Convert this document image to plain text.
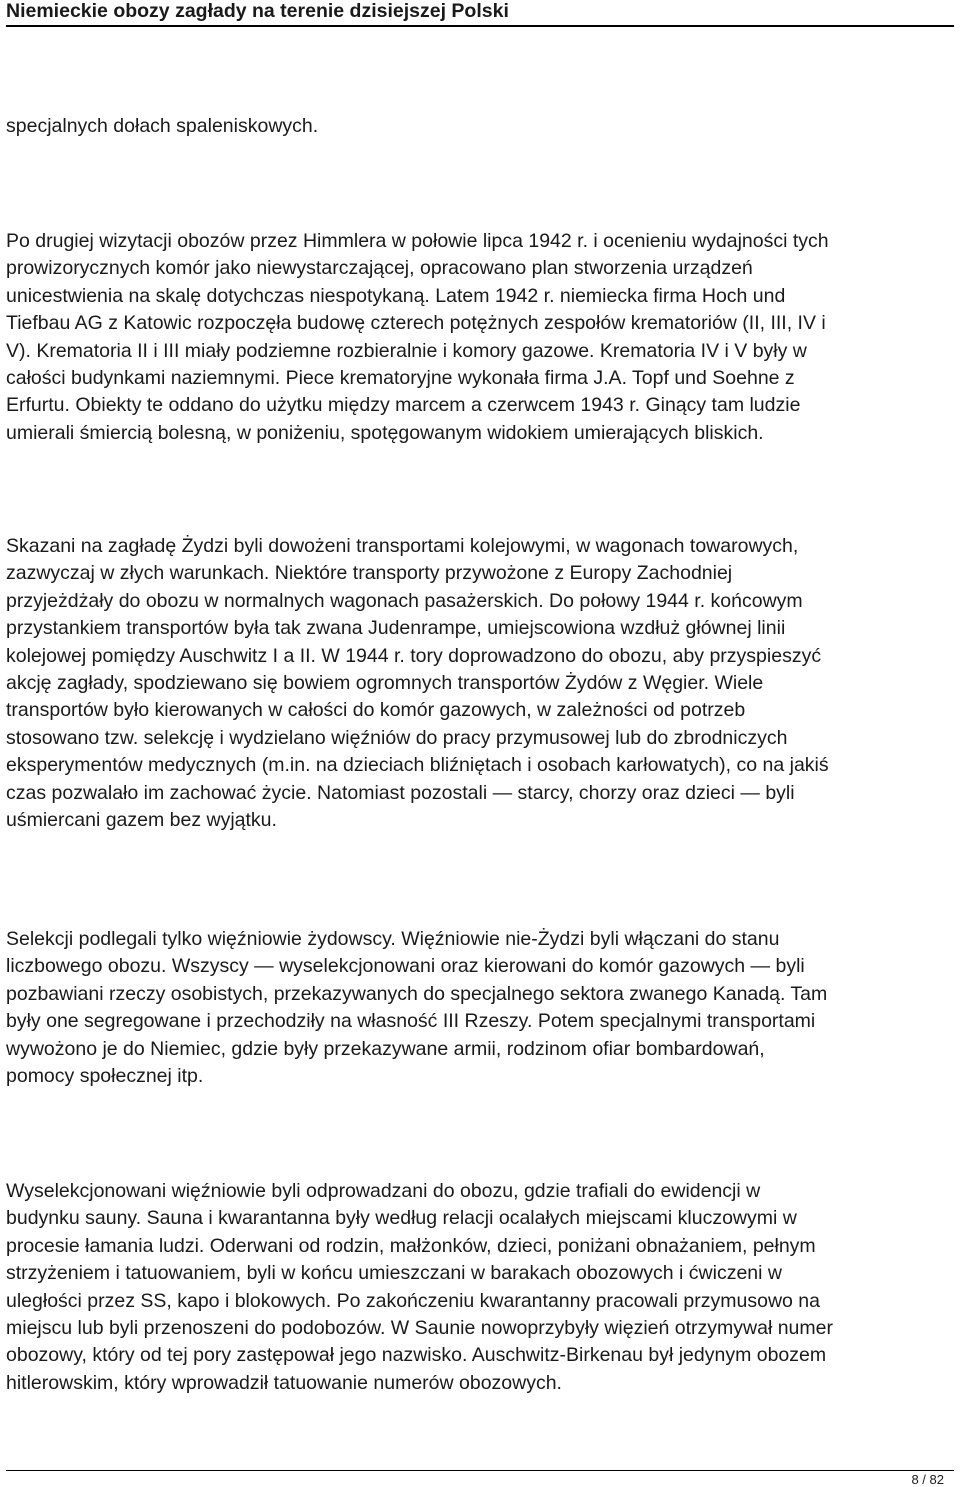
Niemieckie obozy zagłady na terenie dzisiejszej Polski
specjalnych dołach spaleniskowych.
Po drugiej wizytacji obozów przez Himmlera w połowie lipca 1942 r. i ocenieniu wydajności tych
prowizorycznych komór jako niewystarczającej, opracowano plan stworzenia urządzeń
unicestwienia na skalę dotychczas niespotykaną. Latem 1942 r. niemiecka firma Hoch und
Tiefbau AG z Katowic rozpoczęła budowę czterech potężnych zespołów krematoriów (II, III, IV i
V). Krematoria II i III miały podziemne rozbieralnie i komory gazowe. Krematoria IV i V były w
całości budynkami naziemnymi. Piece krematoryjne wykonała firma J.A. Topf und Soehne z
Erfurtu. Obiekty te oddano do użytku między marcem a czerwcem 1943 r. Ginący tam ludzie
umierali śmiercią bolesną, w poniżeniu, spotęgowanym widokiem umierających bliskich.
Skazani na zagładę Żydzi byli dowożeni transportami kolejowymi, w wagonach towarowych,
zazwyczaj w złych warunkach. Niektóre transporty przywożone z Europy Zachodniej
przyjeżdżały do obozu w normalnych wagonach pasażerskich. Do połowy 1944 r. końcowym
przystankiem transportów była tak zwana Judenrampe, umiejscowiona wzdłuż głównej linii
kolejowej pomiędzy Auschwitz I a II. W 1944 r. tory doprowadzono do obozu, aby przyspieszyć
akcję zagłady, spodziewano się bowiem ogromnych transportów Żydów z Węgier. Wiele
transportów było kierowanych w całości do komór gazowych, w zależności od potrzeb
stosowano tzw. selekcję i wydzielano więźniów do pracy przymusowej lub do zbrodniczych
eksperymentów medycznych (m.in. na dzieciach bliźniętach i osobach karłowatych), co na jakiś
czas pozwalało im zachować życie. Natomiast pozostali — starcy, chorzy oraz dzieci — byli
uśmiercani gazem bez wyjątku.
Selekcji podlegali tylko więźniowie żydowscy. Więźniowie nie-Żydzi byli włączani do stanu
liczbowego obozu. Wszyscy — wyselekcjonowani oraz kierowani do komór gazowych — byli
pozbawiani rzeczy osobistych, przekazywanych do specjalnego sektora zwanego Kanadą. Tam
były one segregowane i przechodziły na własność III Rzeszy. Potem specjalnymi transportami
wywożono je do Niemiec, gdzie były przekazywane armii, rodzinom ofiar bombardowań,
pomocy społecznej itp.
Wyselekcjonowani więźniowie byli odprowadzani do obozu, gdzie trafiali do ewidencji w
budynku sauny. Sauna i kwarantanna były według relacji ocalałych miejscami kluczowymi w
procesie łamania ludzi. Oderwani od rodzin, małżonków, dzieci, poniżani obnażaniem, pełnym
strzyżeniem i tatuowaniem, byli w końcu umieszczani w barakach obozowych i ćwiczeni w
uległości przez SS, kapo i blokowych. Po zakończeniu kwarantanny pracowali przymusowo na
miejscu lub byli przenoszeni do podobozów. W Saunie nowoprzybyły więzień otrzymywał numer
obozowy, który od tej pory zastępował jego nazwisko. Auschwitz-Birkenau był jedynym obozem
hitlerowskim, który wprowadził tatuowanie numerów obozowych.
8 / 82
